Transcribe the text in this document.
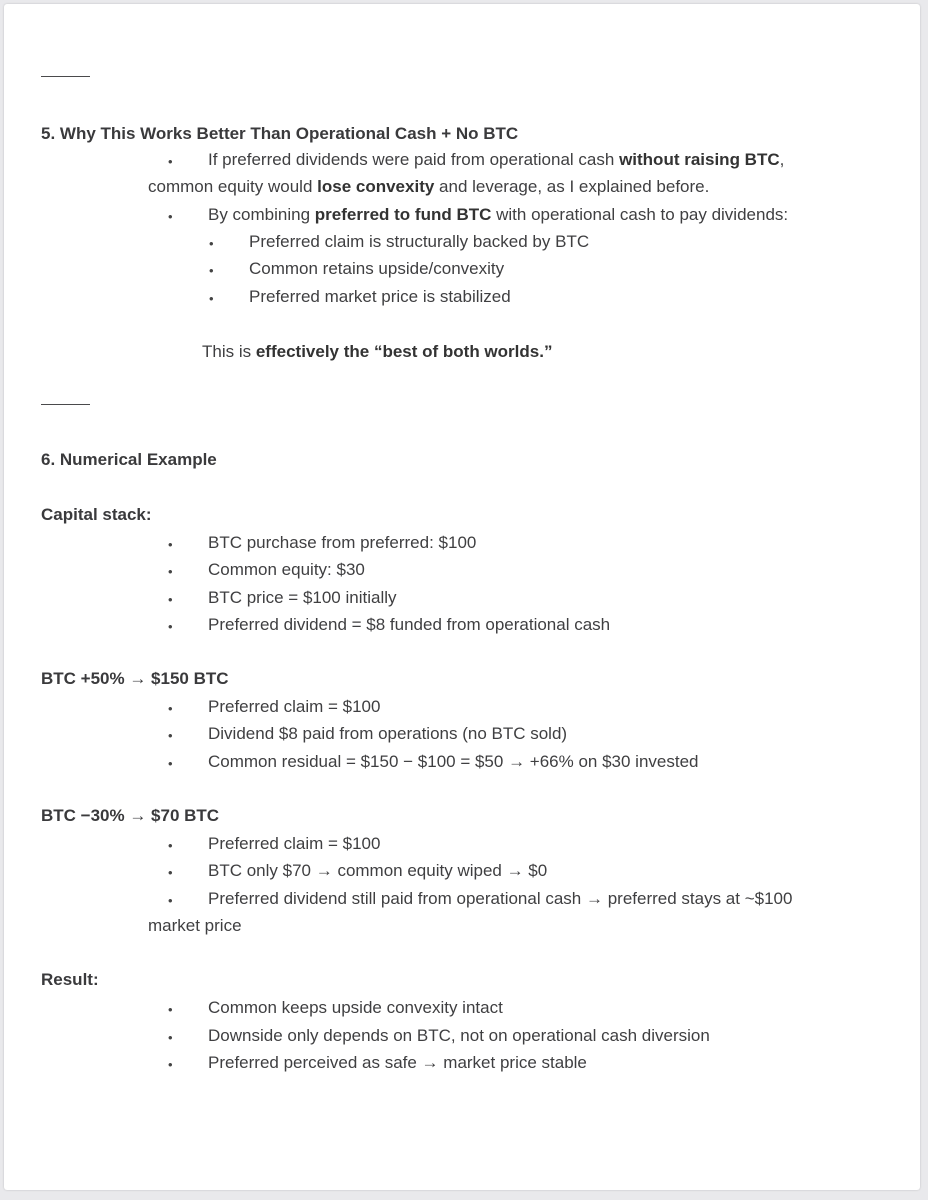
5. Why This Works Better Than Operational Cash + No BTC
• If preferred dividends were paid from operational cash without raising BTC,
common equity would lose convexity and leverage, as I explained before.
• By combining preferred to fund BTC with operational cash to pay dividends:
• Preferred claim is structurally backed by BTC
• Common retains upside/convexity
• Preferred market price is stabilized
This is effectively the “best of both worlds.”
6. Numerical Example
Capital stack:
• BTC purchase from preferred: $100
• Common equity: $30
• BTC price = $100 initially
• Preferred dividend = $8 funded from operational cash
BTC +50% → $150 BTC
• Preferred claim = $100
• Dividend $8 paid from operations (no BTC sold)
• Common residual = $150 − $100 = $50 → +66% on $30 invested
BTC −30% → $70 BTC
• Preferred claim = $100
• BTC only $70 → common equity wiped → $0
• Preferred dividend still paid from operational cash → preferred stays at ~$100
market price
Result:
• Common keeps upside convexity intact
• Downside only depends on BTC, not on operational cash diversion
• Preferred perceived as safe → market price stable
